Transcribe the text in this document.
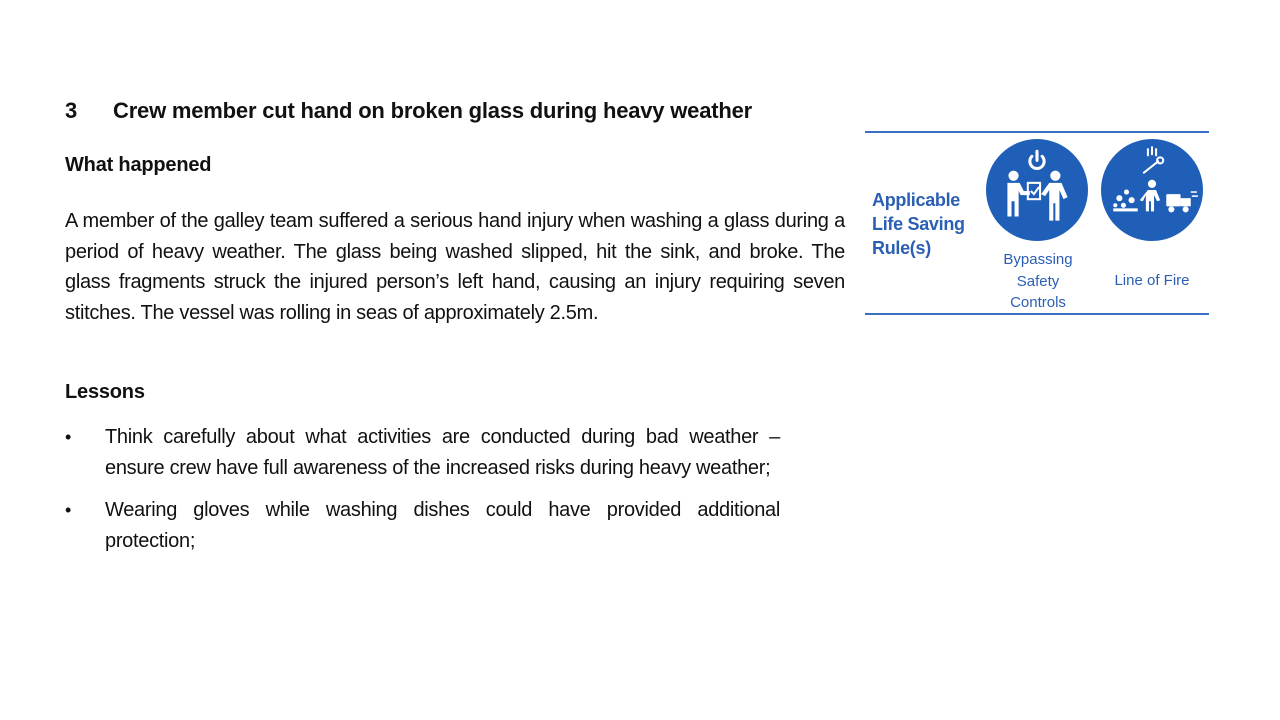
3 Crew member cut hand on broken glass during heavy weather
What happened
A member of the galley team suffered a serious hand injury when washing a glass during a period of heavy weather. The glass being washed slipped, hit the sink, and broke. The glass fragments struck the injured person’s left hand, causing an injury requiring seven stitches. The vessel was rolling in seas of approximately 2.5m.
Lessons
• Think carefully about what activities are conducted during bad weather – ensure crew have full awareness of the increased risks during heavy weather;
• Wearing gloves while washing dishes could have provided additional protection;
Applicable
Life Saving
Rule(s)
Bypassing
Safety
Controls
Line of Fire
